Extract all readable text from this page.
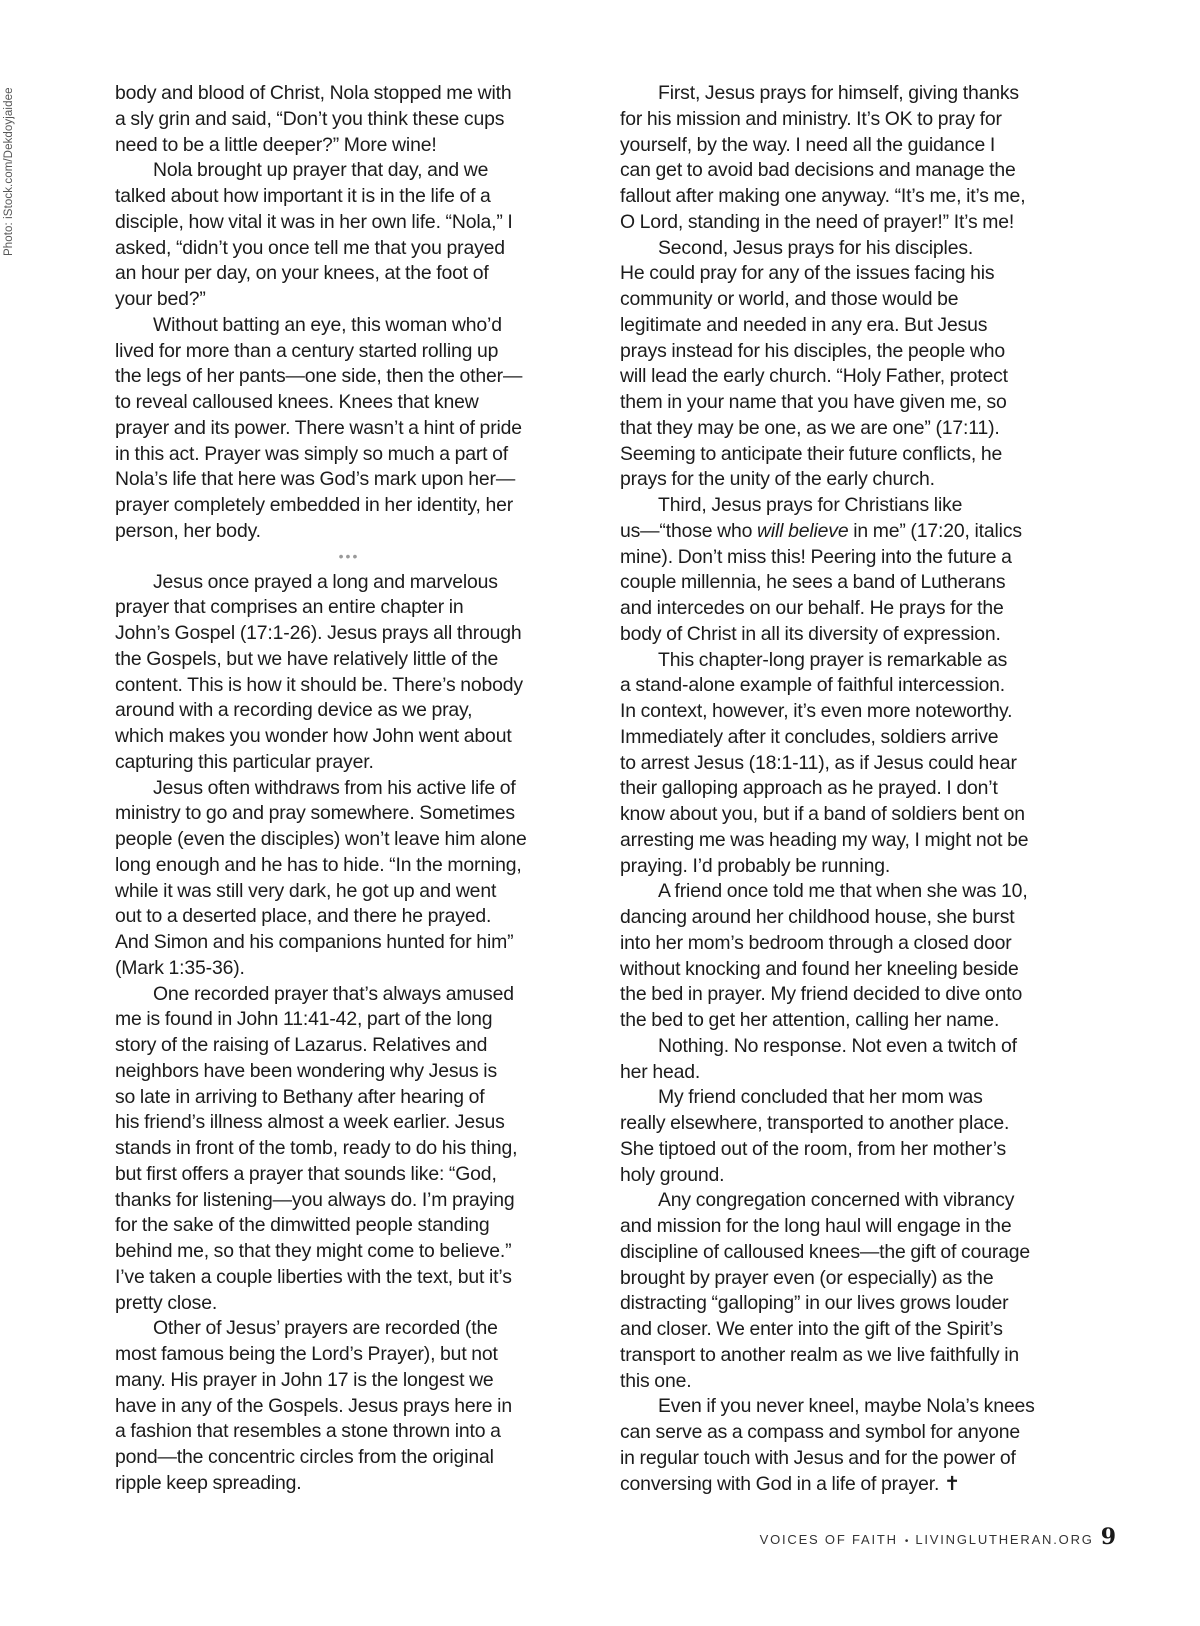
Photo: iStock.com/Dekdoyjaidee	body and blood of Christ, Nola stopped me with
a sly grin and said, “Don’t you think these cups
need to be a little deeper?” More wine!

Nola brought up prayer that day, and we
talked about how important it is in the life of a
disciple, how vital it was in her own life. “Nola,” I
asked, “didn’t you once tell me that you prayed
an hour per day, on your knees, at the foot of
your bed?”

Without batting an eye, this woman who’d
lived for more than a century started rolling up
the legs of her pants—one side, then the other—
to reveal calloused knees. Knees that knew
prayer and its power. There wasn’t a hint of pride
in this act. Prayer was simply so much a part of
Nola’s life that here was God’s mark upon her—
prayer completely embedded in her identity, her
person, her body.

•••

Jesus once prayed a long and marvelous
prayer that comprises an entire chapter in
John’s Gospel (17:1-26). Jesus prays all through
the Gospels, but we have relatively little of the
content. This is how it should be. There’s nobody
around with a recording device as we pray,
which makes you wonder how John went about
capturing this particular prayer.

Jesus often withdraws from his active life of
ministry to go and pray somewhere. Sometimes
people (even the disciples) won’t leave him alone
long enough and he has to hide. “In the morning,
while it was still very dark, he got up and went
out to a deserted place, and there he prayed.
And Simon and his companions hunted for him”
(Mark 1:35-36).

One recorded prayer that’s always amused
me is found in John 11:41-42, part of the long
story of the raising of Lazarus. Relatives and
neighbors have been wondering why Jesus is
so late in arriving to Bethany after hearing of
his friend’s illness almost a week earlier. Jesus
stands in front of the tomb, ready to do his thing,
but first offers a prayer that sounds like: “God,
thanks for listening—you always do. I’m praying
for the sake of the dimwitted people standing
behind me, so that they might come to believe.”
I’ve taken a couple liberties with the text, but it’s
pretty close.

Other of Jesus’ prayers are recorded (the
most famous being the Lord’s Prayer), but not
many. His prayer in John 17 is the longest we
have in any of the Gospels. Jesus prays here in
a fashion that resembles a stone thrown into a
pond—the concentric circles from the original
ripple keep spreading.

First, Jesus prays for himself, giving thanks
for his mission and ministry. It’s OK to pray for
yourself, by the way. I need all the guidance I
can get to avoid bad decisions and manage the
fallout after making one anyway. “It’s me, it’s me,
O Lord, standing in the need of prayer!” It’s me!

Second, Jesus prays for his disciples.
He could pray for any of the issues facing his
community or world, and those would be
legitimate and needed in any era. But Jesus
prays instead for his disciples, the people who
will lead the early church. “Holy Father, protect
them in your name that you have given me, so
that they may be one, as we are one” (17:11).
Seeming to anticipate their future conflicts, he
prays for the unity of the early church.

Third, Jesus prays for Christians like
us—“those who will believe in me” (17:20, italics
mine). Don’t miss this! Peering into the future a
couple millennia, he sees a band of Lutherans
and intercedes on our behalf. He prays for the
body of Christ in all its diversity of expression.

This chapter-long prayer is remarkable as
a stand-alone example of faithful intercession.
In context, however, it’s even more noteworthy.
Immediately after it concludes, soldiers arrive
to arrest Jesus (18:1-11), as if Jesus could hear
their galloping approach as he prayed. I don’t
know about you, but if a band of soldiers bent on
arresting me was heading my way, I might not be
praying. I’d probably be running.

A friend once told me that when she was 10,
dancing around her childhood house, she burst
into her mom’s bedroom through a closed door
without knocking and found her kneeling beside
the bed in prayer. My friend decided to dive onto
the bed to get her attention, calling her name.

Nothing. No response. Not even a twitch of
her head.

My friend concluded that her mom was
really elsewhere, transported to another place.
She tiptoed out of the room, from her mother’s
holy ground.

Any congregation concerned with vibrancy
and mission for the long haul will engage in the
discipline of calloused knees—the gift of courage
brought by prayer even (or especially) as the
distracting “galloping” in our lives grows louder
and closer. We enter into the gift of the Spirit’s
transport to another realm as we live faithfully in
this one.

Even if you never kneel, maybe Nola’s knees
can serve as a compass and symbol for anyone
in regular touch with Jesus and for the power of
conversing with God in a life of prayer. ✝

VOICES OF FAITH • LIVINGLUTHERAN.ORG 9
